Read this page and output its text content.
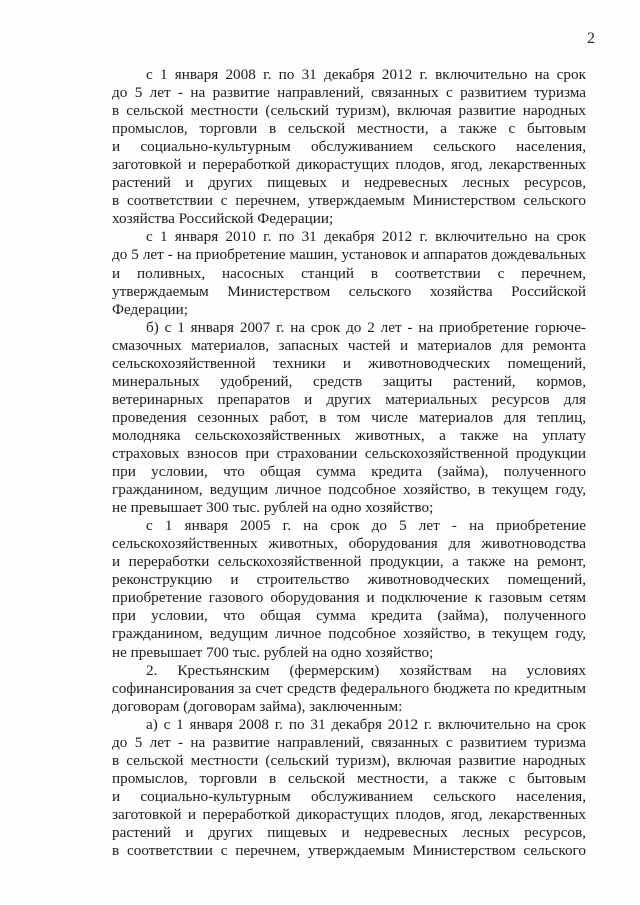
2
с 1 января 2008 г. по 31 декабря 2012 г. включительно на срок
до 5 лет - на развитие направлений, связанных с развитием туризма
в сельской местности (сельский туризм), включая развитие народных
промыслов, торговли в сельской местности, а также с бытовым
и социально-культурным обслуживанием сельского населения,
заготовкой и переработкой дикорастущих плодов, ягод, лекарственных
растений и других пищевых и недревесных лесных ресурсов,
в соответствии с перечнем, утверждаемым Министерством сельского
хозяйства Российской Федерации;
с 1 января 2010 г. по 31 декабря 2012 г. включительно на срок
до 5 лет - на приобретение машин, установок и аппаратов дождевальных
и поливных, насосных станций в соответствии с перечнем,
утверждаемым Министерством сельского хозяйства Российской
Федерации;
б) с 1 января 2007 г. на срок до 2 лет - на приобретение горюче-
смазочных материалов, запасных частей и материалов для ремонта
сельскохозяйственной техники и животноводческих помещений,
минеральных удобрений, средств защиты растений, кормов,
ветеринарных препаратов и других материальных ресурсов для
проведения сезонных работ, в том числе материалов для теплиц,
молодняка сельскохозяйственных животных, а также на уплату
страховых взносов при страховании сельскохозяйственной продукции
при условии, что общая сумма кредита (займа), полученного
гражданином, ведущим личное подсобное хозяйство, в текущем году,
не превышает 300 тыс. рублей на одно хозяйство;
с 1 января 2005 г. на срок до 5 лет - на приобретение
сельскохозяйственных животных, оборудования для животноводства
и переработки сельскохозяйственной продукции, а также на ремонт,
реконструкцию и строительство животноводческих помещений,
приобретение газового оборудования и подключение к газовым сетям
при условии, что общая сумма кредита (займа), полученного
гражданином, ведущим личное подсобное хозяйство, в текущем году,
не превышает 700 тыс. рублей на одно хозяйство;
2. Крестьянским (фермерским) хозяйствам на условиях
софинансирования за счет средств федерального бюджета по кредитным
договорам (договорам займа), заключенным:
а) с 1 января 2008 г. по 31 декабря 2012 г. включительно на срок
до 5 лет - на развитие направлений, связанных с развитием туризма
в сельской местности (сельский туризм), включая развитие народных
промыслов, торговли в сельской местности, а также с бытовым
и социально-культурным обслуживанием сельского населения,
заготовкой и переработкой дикорастущих плодов, ягод, лекарственных
растений и других пищевых и недревесных лесных ресурсов,
в соответствии с перечнем, утверждаемым Министерством сельского
